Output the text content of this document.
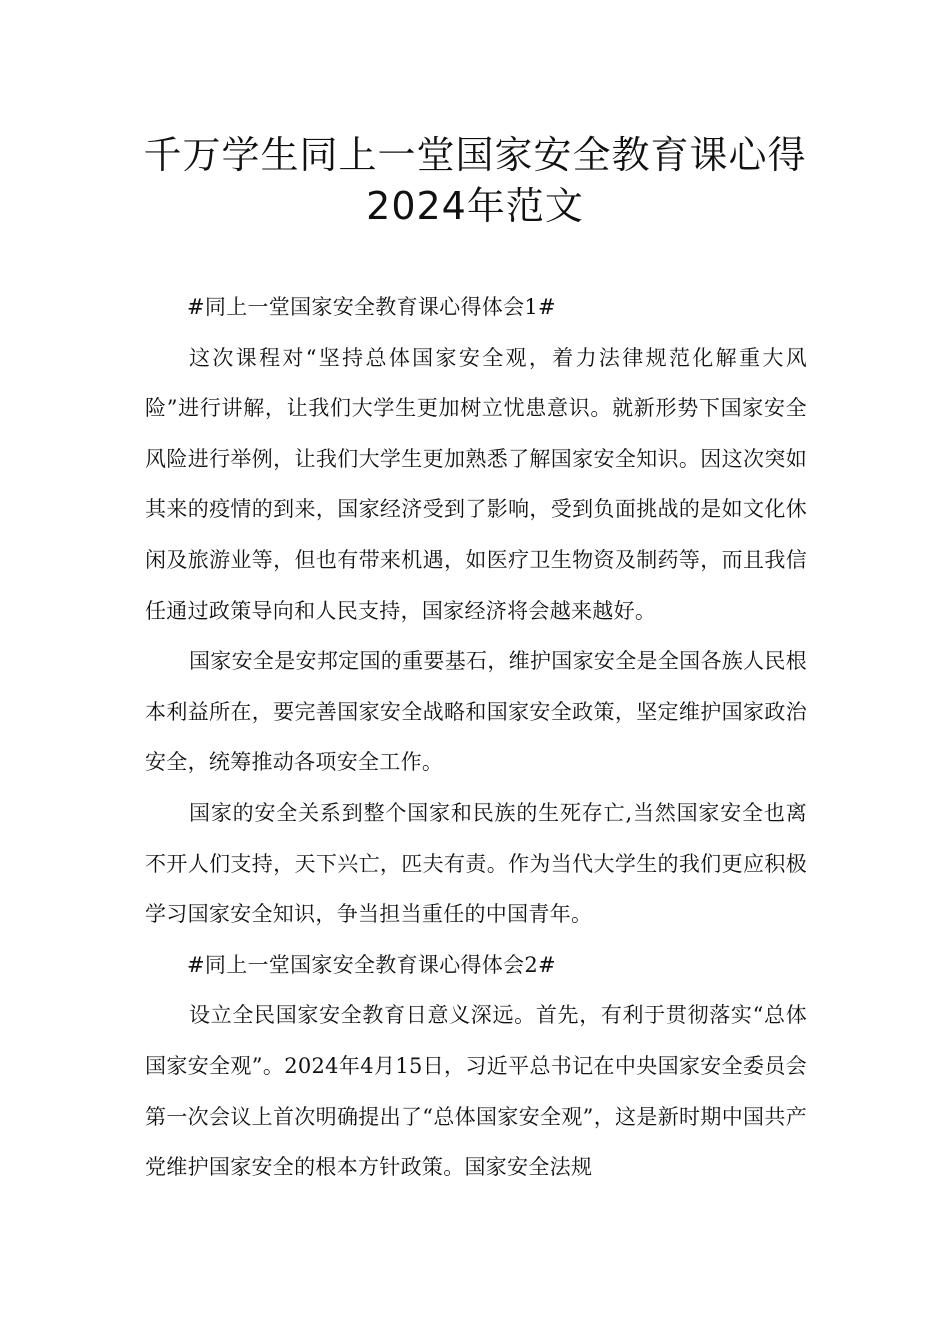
千万学生同上一堂国家安全教育课心得
2024年范文

#同上一堂国家安全教育课心得体会1#

这次课程对“坚持总体国家安全观，着力法律规范化解重大风险”进行讲解，让我们大学生更加树立忧患意识。就新形势下国家安全风险进行举例，让我们大学生更加熟悉了解国家安全知识。因这次突如其来的疫情的到来，国家经济受到了影响，受到负面挑战的是如文化休闲及旅游业等，但也有带来机遇，如医疗卫生物资及制药等，而且我信任通过政策导向和人民支持，国家经济将会越来越好。

国家安全是安邦定国的重要基石，维护国家安全是全国各族人民根本利益所在，要完善国家安全战略和国家安全政策，坚定维护国家政治安全，统筹推动各项安全工作。

国家的安全关系到整个国家和民族的生死存亡,当然国家安全也离不开人们支持，天下兴亡，匹夫有责。作为当代大学生的我们更应积极学习国家安全知识，争当担当重任的中国青年。

#同上一堂国家安全教育课心得体会2#

设立全民国家安全教育日意义深远。首先，有利于贯彻落实“总体国家安全观”。2024年4月15日，习近平总书记在中央国家安全委员会第一次会议上首次明确提出了“总体国家安全观”，这是新时期中国共产党维护国家安全的根本方针政策。国家安全法规
